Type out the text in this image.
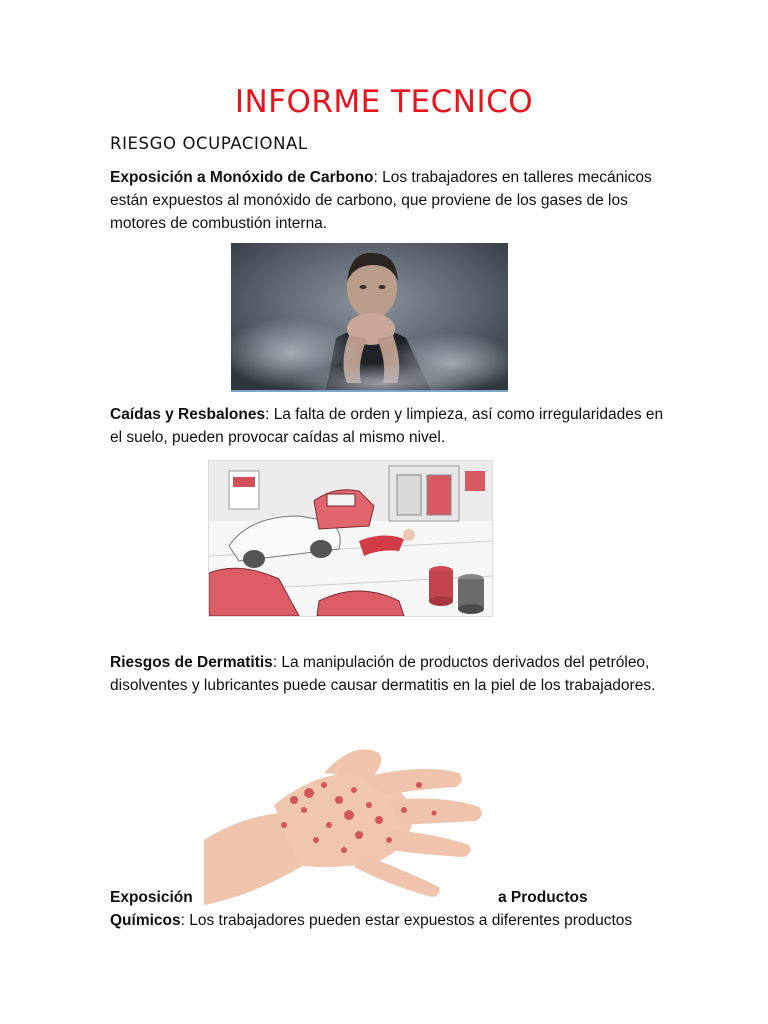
INFORME TECNICO
RIESGO OCUPACIONAL
Exposición a Monóxido de Carbono: Los trabajadores en talleres mecánicos están expuestos al monóxido de carbono, que proviene de los gases de los motores de combustión interna.
Caídas y Resbalones: La falta de orden y limpieza, así como irregularidades en el suelo, pueden provocar caídas al mismo nivel.
Riesgos de Dermatitis: La manipulación de productos derivados del petróleo, disolventes y lubricantes puede causar dermatitis en la piel de los trabajadores.
Exposición	a Productos
Químicos: Los trabajadores pueden estar expuestos a diferentes productos
